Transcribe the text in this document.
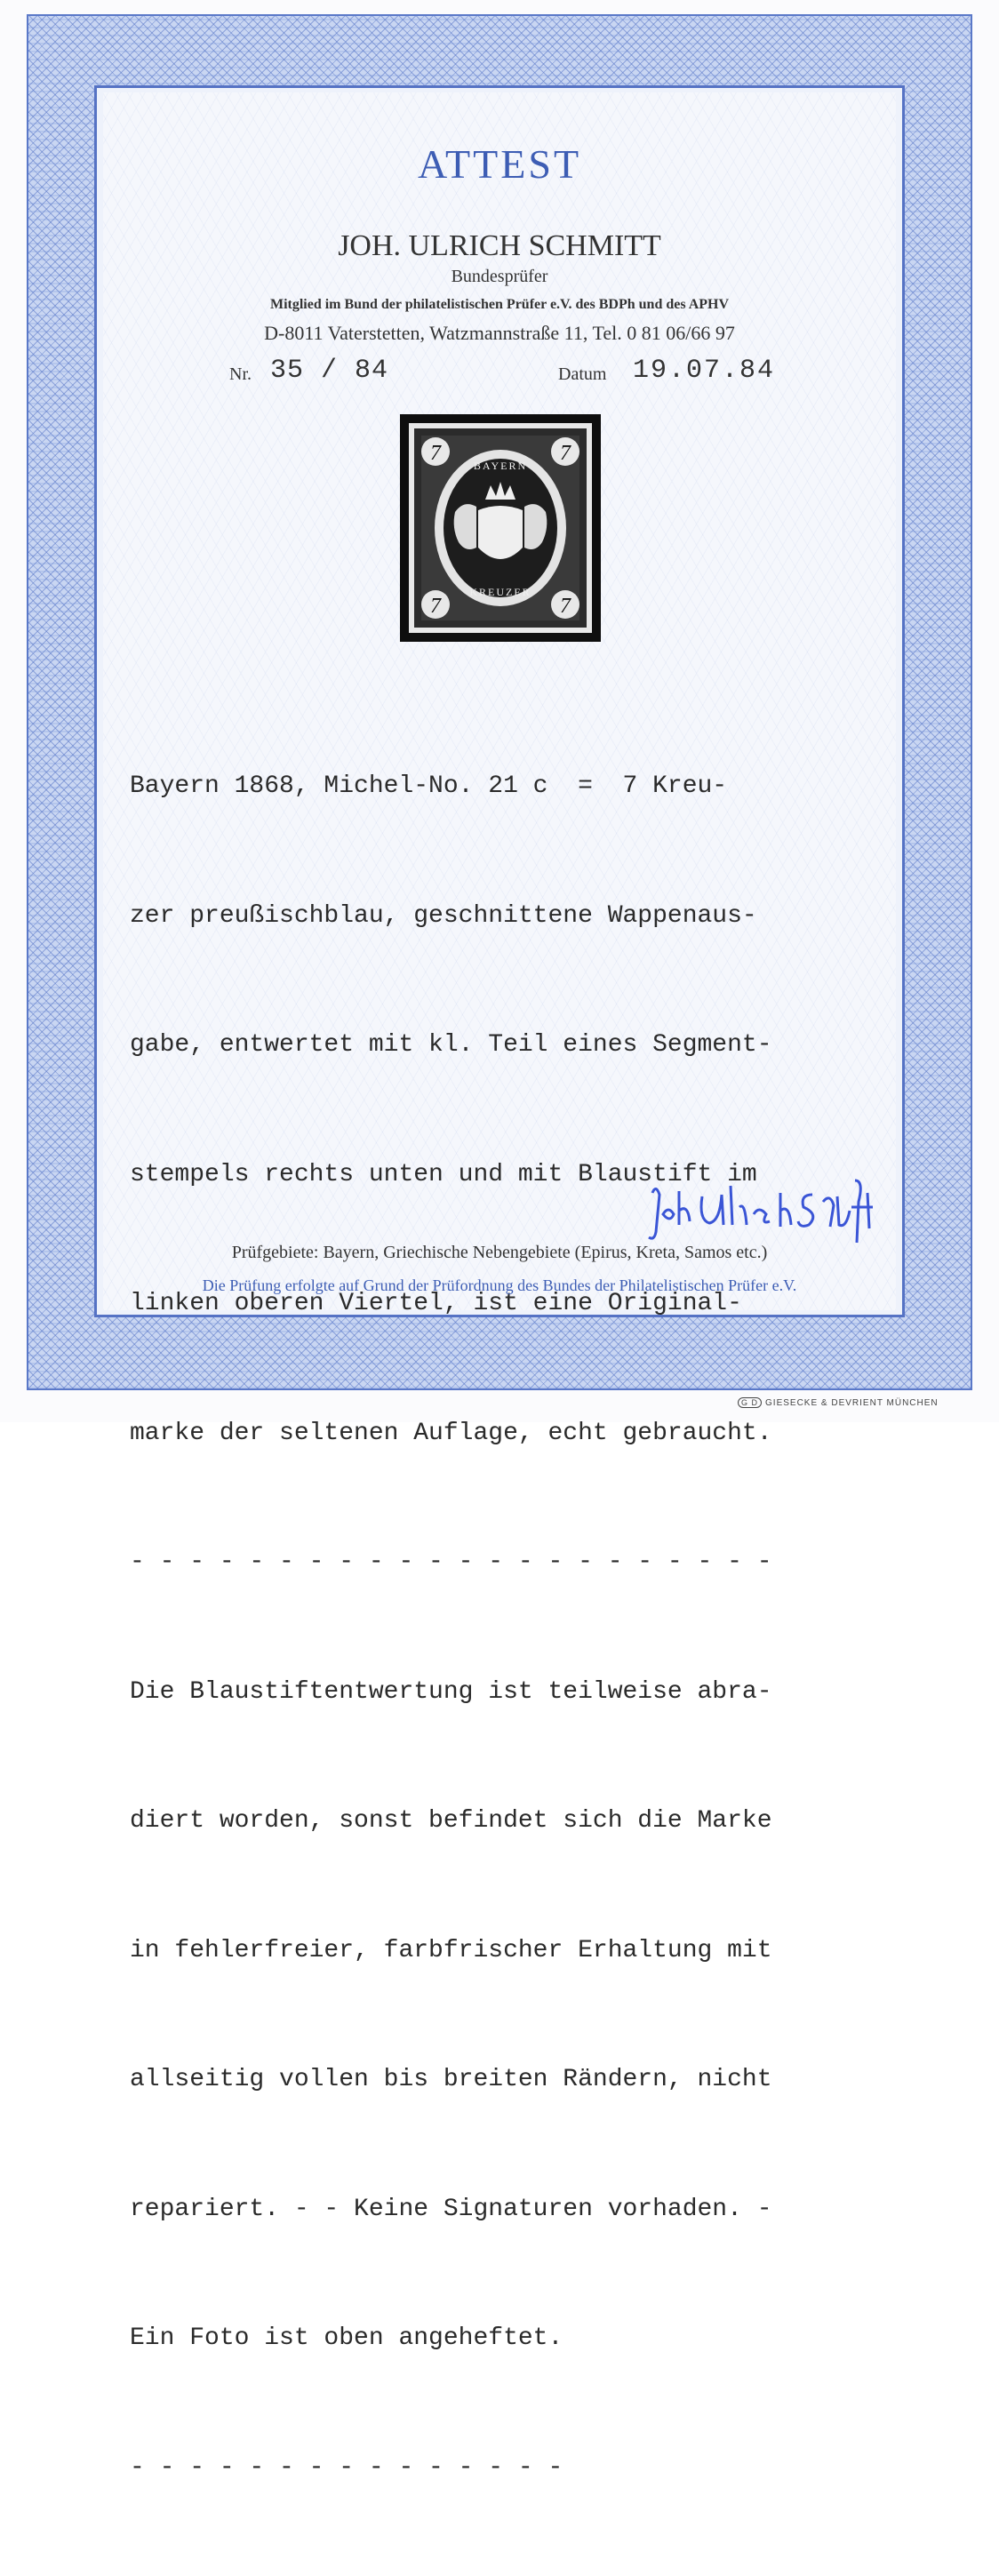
ATTEST
JOH. ULRICH SCHMITT
Bundesprüfer
Mitglied im Bund der philatelistischen Prüfer e.V. des BDPh und des APHV
D-8011 Vaterstetten, Watzmannstraße 11, Tel. 0 81 06/66 97
Nr. 35 / 84	Datum 19.07.84
7	7
7	7
BAYERN
KREUZER

Bayern 1868, Michel-No. 21 c  =  7 Kreu-

zer preußischblau, geschnittene Wappenaus-

gabe, entwertet mit kl. Teil eines Segment-

stempels rechts unten und mit Blaustift im

linken oberen Viertel, ist eine Original-

marke der seltenen Auflage, echt gebraucht.

- - - - - - - - - - - - - - - - - - - - - -

Die Blaustiftentwertung ist teilweise abra-

diert worden, sonst befindet sich die Marke

in fehlerfreier, farbfrischer Erhaltung mit

allseitig vollen bis breiten Rändern, nicht

repariert. - - Keine Signaturen vorhaden. -

Ein Foto ist oben angeheftet.

- - - - - - - - - - - - - - -

Prüfgebiete: Bayern, Griechische Nebengebiete (Epirus, Kreta, Samos etc.)
Die Prüfung erfolgte auf Grund der Prüfordnung des Bundes der Philatelistischen Prüfer e.V.
G D GIESECKE & DEVRIENT MÜNCHEN
